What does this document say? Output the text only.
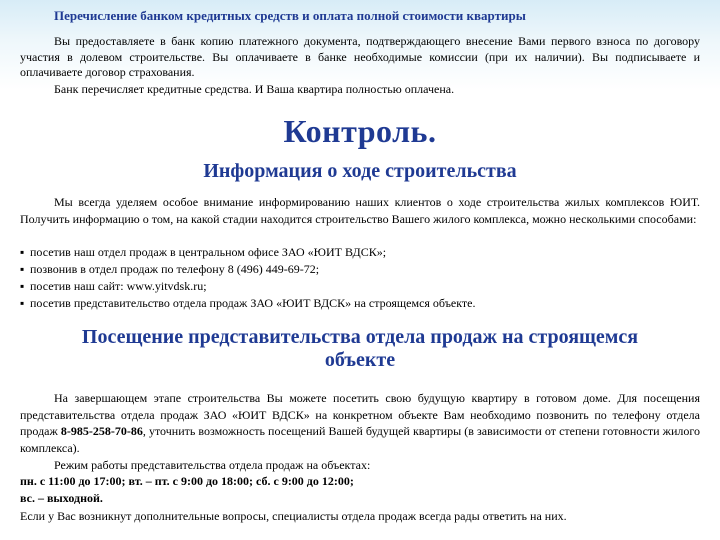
Перечисление банком кредитных средств и оплата полной стоимости квартиры

Вы предоставляете в банк копию платежного документа, подтверждающего внесение Вами первого взноса по договору участия в долевом строительстве. Вы оплачиваете в банке необходимые комиссии (при их наличии). Вы подписываете и оплачиваете договор страхования.

Банк перечисляет кредитные средства. И Ваша квартира полностью оплачена.

Контроль.
Информация о ходе строительства

Мы всегда уделяем особое внимание информированию наших клиентов о ходе строительства жилых комплексов ЮИТ. Получить информацию о том, на какой стадии находится строительство Вашего жилого комплекса, можно несколькими способами:

▪ посетив наш отдел продаж в центральном офисе ЗАО «ЮИТ ВДСК»;
▪ позвонив в отдел продаж по телефону 8 (496) 449-69-72;
▪ посетив наш сайт: www.yitvdsk.ru;
▪ посетив представительство отдела продаж ЗАО «ЮИТ ВДСК» на строящемся объекте.
Посещение представительства отдела продаж на строящемся объекте

На завершающем этапе строительства Вы можете посетить свою будущую квартиру в готовом доме. Для посещения представительства отдела продаж ЗАО «ЮИТ ВДСК» на конкретном объекте Вам необходимо позвонить по телефону отдела продаж 8-985-258-70-86, уточнить возможность посещений Вашей будущей квартиры (в зависимости от степени готовности жилого комплекса).

Режим работы представительства отдела продаж на объектах:

пн. с 11:00 до 17:00; вт. – пт. с 9:00 до 18:00; сб. с 9:00 до 12:00;

вс. – выходной.

Если у Вас возникнут дополнительные вопросы, специалисты отдела продаж всегда рады ответить на них.
